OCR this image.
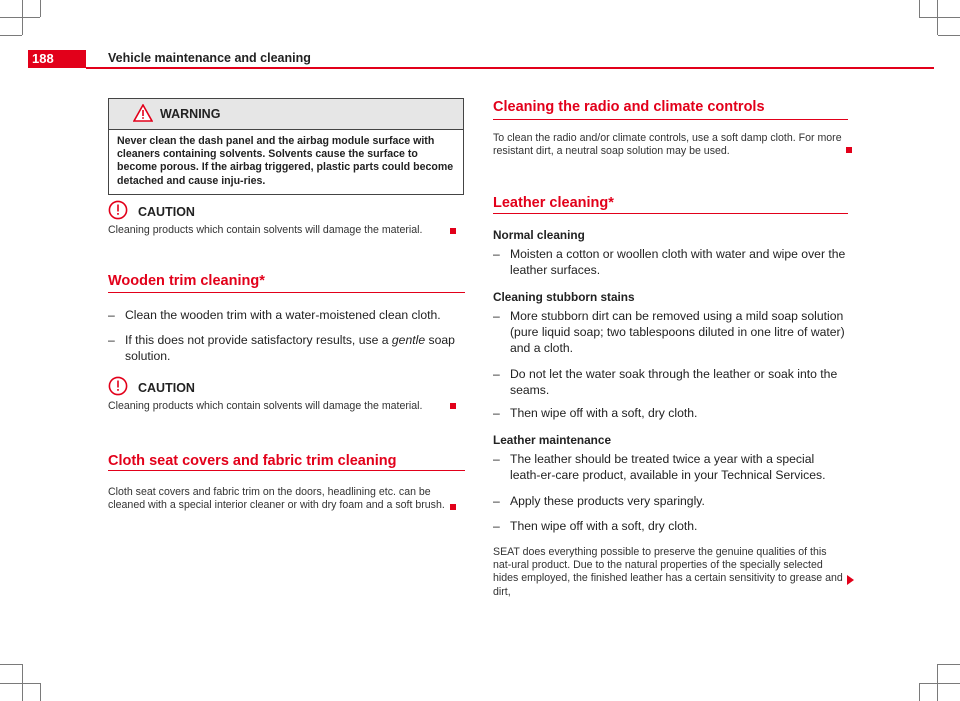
188	Vehicle maintenance and cleaning
WARNING
Never clean the dash panel and the airbag module surface with cleaners containing solvents. Solvents cause the surface to become porous. If the airbag triggered, plastic parts could become detached and cause inju-ries.
CAUTION
Cleaning products which contain solvents will damage the material.
Wooden trim cleaning*
– Clean the wooden trim with a water-moistened clean cloth.
– If this does not provide satisfactory results, use a gentle soap solution.
CAUTION
Cleaning products which contain solvents will damage the material.
Cloth seat covers and fabric trim cleaning
Cloth seat covers and fabric trim on the doors, headlining etc. can be cleaned with a special interior cleaner or with dry foam and a soft brush.
Cleaning the radio and climate controls
To clean the radio and/or climate controls, use a soft damp cloth. For more resistant dirt, a neutral soap solution may be used.
Leather cleaning*
Normal cleaning
– Moisten a cotton or woollen cloth with water and wipe over the leather surfaces.
Cleaning stubborn stains
– More stubborn dirt can be removed using a mild soap solution (pure liquid soap; two tablespoons diluted in one litre of water) and a cloth.
– Do not let the water soak through the leather or soak into the seams.
– Then wipe off with a soft, dry cloth.
Leather maintenance
– The leather should be treated twice a year with a special leath-er-care product, available in your Technical Services.
– Apply these products very sparingly.
– Then wipe off with a soft, dry cloth.
SEAT does everything possible to preserve the genuine qualities of this nat-ural product. Due to the natural properties of the specially selected hides employed, the finished leather has a certain sensitivity to grease and dirt,
